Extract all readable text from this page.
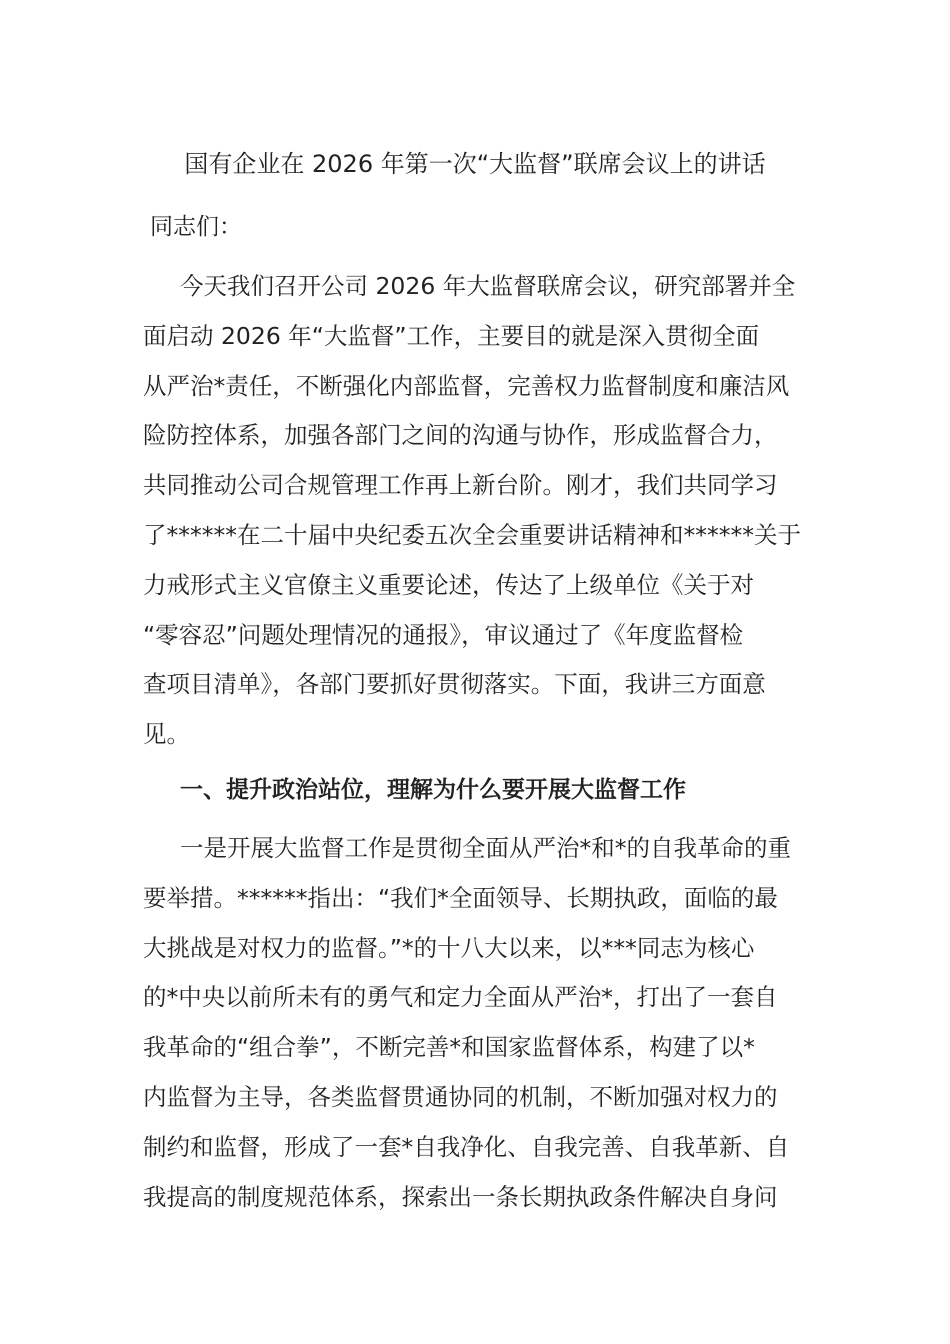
国有企业在 2026 年第一次“大监督”联席会议上的讲话

同志们：

今天我们召开公司 2026 年大监督联席会议，研究部署并全
面启动 2026 年“大监督”工作，主要目的就是深入贯彻全面
从严治*责任，不断强化内部监督，完善权力监督制度和廉洁风
险防控体系，加强各部门之间的沟通与协作，形成监督合力，
共同推动公司合规管理工作再上新台阶。刚才，我们共同学习
了******在二十届中央纪委五次全会重要讲话精神和******关于
力戒形式主义官僚主义重要论述，传达了上级单位《关于对
“零容忍”问题处理情况的通报》，审议通过了《年度监督检
查项目清单》，各部门要抓好贯彻落实。下面，我讲三方面意
见。
一、提升政治站位，理解为什么要开展大监督工作
一是开展大监督工作是贯彻全面从严治*和*的自我革命的重
要举措。******指出：“我们*全面领导、长期执政，面临的最
大挑战是对权力的监督。”*的十八大以来，以***同志为核心
的*中央以前所未有的勇气和定力全面从严治*，打出了一套自
我革命的“组合拳”，不断完善*和国家监督体系，构建了以*
内监督为主导，各类监督贯通协同的机制，不断加强对权力的
制约和监督，形成了一套*自我净化、自我完善、自我革新、自
我提高的制度规范体系，探索出一条长期执政条件解决自身问
